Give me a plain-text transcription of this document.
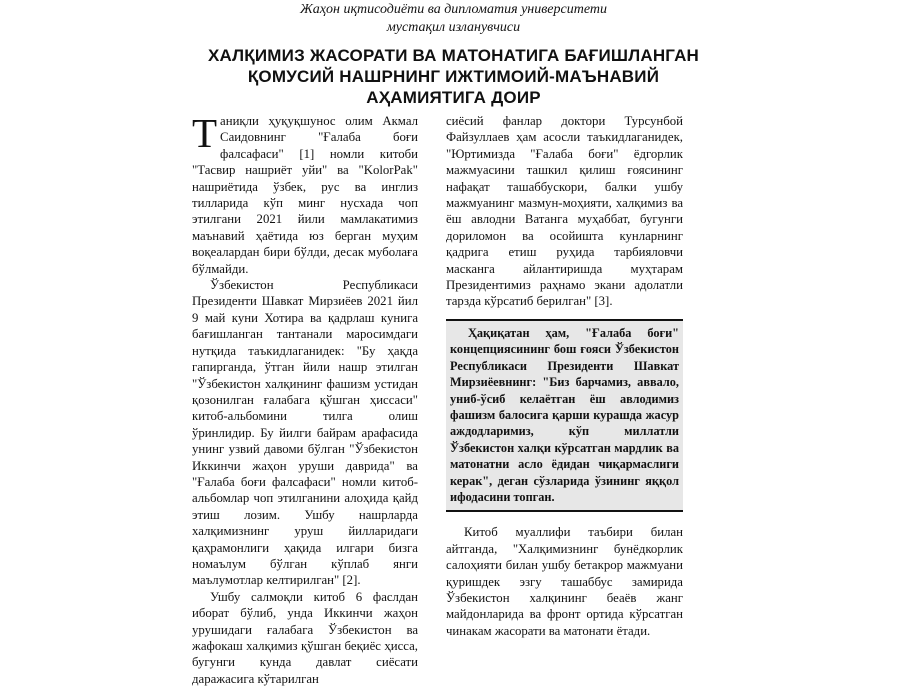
Жаҳон иқтисодиёти ва дипломатия университети
мустақил изланувчиси
ХАЛҚИМИЗ ЖАСОРАТИ ВА МАТОНАТИГА БАҒИШЛАНГАН
ҚОМУСИЙ НАШРНИНГ ИЖТИМОИЙ-МАЪНАВИЙ
АҲАМИЯТИГА ДОИР

Таниқли ҳуқуқшунос олим Акмал Саидовнинг "Ғалаба боғи фалсафаси" [1] номли китоби "Тасвир нашриёт уйи" ва "KolorPak" нашриётида ўзбек, рус ва инглиз тилларида кўп минг нусхада чоп этилгани 2021 йили мамлакатимиз маънавий ҳаётида юз берган муҳим воқеалардан бири бўлди, десак муболаға бўлмайди.

Ўзбекистон Республикаси Президенти Шавкат Мирзиёев 2021 йил 9 май куни Хотира ва қадрлаш кунига бағишланган тантанали маросимдаги нутқида таъкидлаганидек: "Бу ҳақда гапирганда, ўтган йили нашр этилган "Ўзбекистон халқининг фашизм устидан қозонилган ғалабага қўшган ҳиссаси" китоб-альбомини тилга олиш ўринлидир. Бу йилги байрам арафасида унинг узвий давоми бўлган "Ўзбекистон Иккинчи жаҳон уруши даврида" ва "Ғалаба боғи фалсафаси" номли китоб-альбомлар чоп этилганини алоҳида қайд этиш лозим. Ушбу нашрларда халқимизнинг уруш йилларидаги қаҳрамонлиги ҳақида илгари бизга номаълум бўлган кўплаб янги маълумотлар келтирилган" [2].

Ушбу салмоқли китоб 6 фаслдан иборат бўлиб, унда Иккинчи жаҳон урушидаги ғалабага Ўзбекистон ва жафокаш халқимиз қўшган беқиёс ҳисса, бугунги кунда давлат сиёсати даражасига кўтарилган

сиёсий фанлар доктори Турсунбой Файзуллаев ҳам асосли таъкидлаганидек, "Юртимизда "Ғалаба боғи" ёдгорлик мажмуасини ташкил қилиш ғоясининг нафақат ташаббускори, балки ушбу мажмуанинг мазмун-моҳияти, халқимиз ва ёш авлодни Ватанга муҳаббат, бугунги дориломон ва осойишта кунларнинг қадрига етиш руҳида тарбияловчи масканга айлантиришда муҳтарам Президентимиз раҳнамо экани адолатли тарзда кўрсатиб берилган" [3].

Ҳақиқатан ҳам, "Ғалаба боғи" концепциясининг бош ғояси Ўзбекистон Республикаси Президенти Шавкат Мирзиёевнинг: "Биз барчамиз, аввало, униб-ўсиб келаётган ёш авлодимиз фашизм балосига қарши курашда жасур аждодларимиз, кўп миллатли Ўзбекистон халқи кўрсатган мардлик ва матонатни асло ёдидан чиқармаслиги керак", деган сўзларида ўзининг яққол ифодасини топган.

Китоб муаллифи таъбири билан айтганда, "Халқимизнинг бунёдкорлик салоҳияти билан ушбу бетакрор мажмуани қуришдек эзгу ташаббус замирида Ўзбекистон халқининг беаёв жанг майдонларида ва фронт ортида кўрсатган чинакам жасорати ва матонати ётади.
